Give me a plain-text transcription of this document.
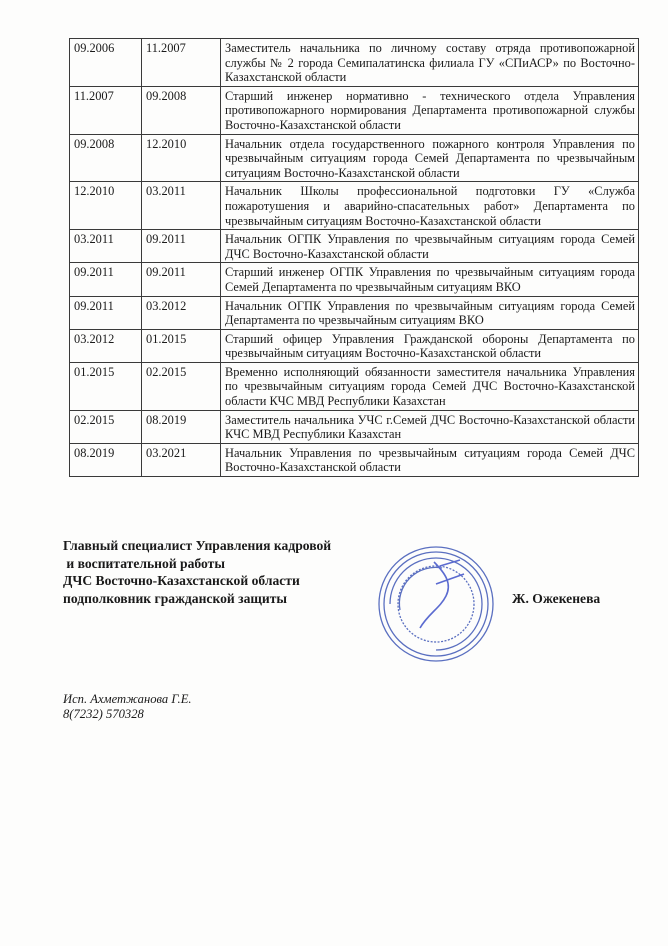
09.2006	11.2007	Заместитель начальника по личному составу отряда противопожарной службы № 2 города Семипалатинска филиала ГУ «СПиАСР» по Восточно-Казахстанской области
11.2007	09.2008	Старший инженер нормативно - технического отдела Управления противопожарного нормирования Департамента противопожарной службы Восточно-Казахстанской области
09.2008	12.2010	Начальник отдела государственного пожарного контроля Управления по чрезвычайным ситуациям города Семей Департамента по чрезвычайным ситуациям Восточно-Казахстанской области
12.2010	03.2011	Начальник Школы профессиональной подготовки ГУ «Служба пожаротушения и аварийно-спасательных работ» Департамента по чрезвычайным ситуациям Восточно-Казахстанской области
03.2011	09.2011	Начальник ОГПК Управления по чрезвычайным ситуациям города Семей ДЧС Восточно-Казахстанской области
09.2011	09.2011	Старший инженер ОГПК Управления по чрезвычайным ситуациям города Семей Департамента по чрезвычайным ситуациям ВКО
09.2011	03.2012	Начальник ОГПК Управления по чрезвычайным ситуациям города Семей Департамента по чрезвычайным ситуациям ВКО
03.2012	01.2015	Старший офицер Управления Гражданской обороны Департамента по чрезвычайным ситуациям Восточно-Казахстанской области
01.2015	02.2015	Временно исполняющий обязанности заместителя начальника Управления по чрезвычайным ситуациям города Семей ДЧС Восточно-Казахстанской области КЧС МВД Республики Казахстан
02.2015	08.2019	Заместитель начальника УЧС г.Семей ДЧС Восточно-Казахстанской области КЧС МВД Республики Казахстан
08.2019	03.2021	Начальник Управления по чрезвычайным ситуациям города Семей ДЧС Восточно-Казахстанской области
Главный специалист Управления кадровой
и воспитательной работы
ДЧС Восточно-Казахстанской области
подполковник гражданской защиты	Ж. Ожекенева
Исп. Ахметжанова Г.Е.
8(7232) 570328
